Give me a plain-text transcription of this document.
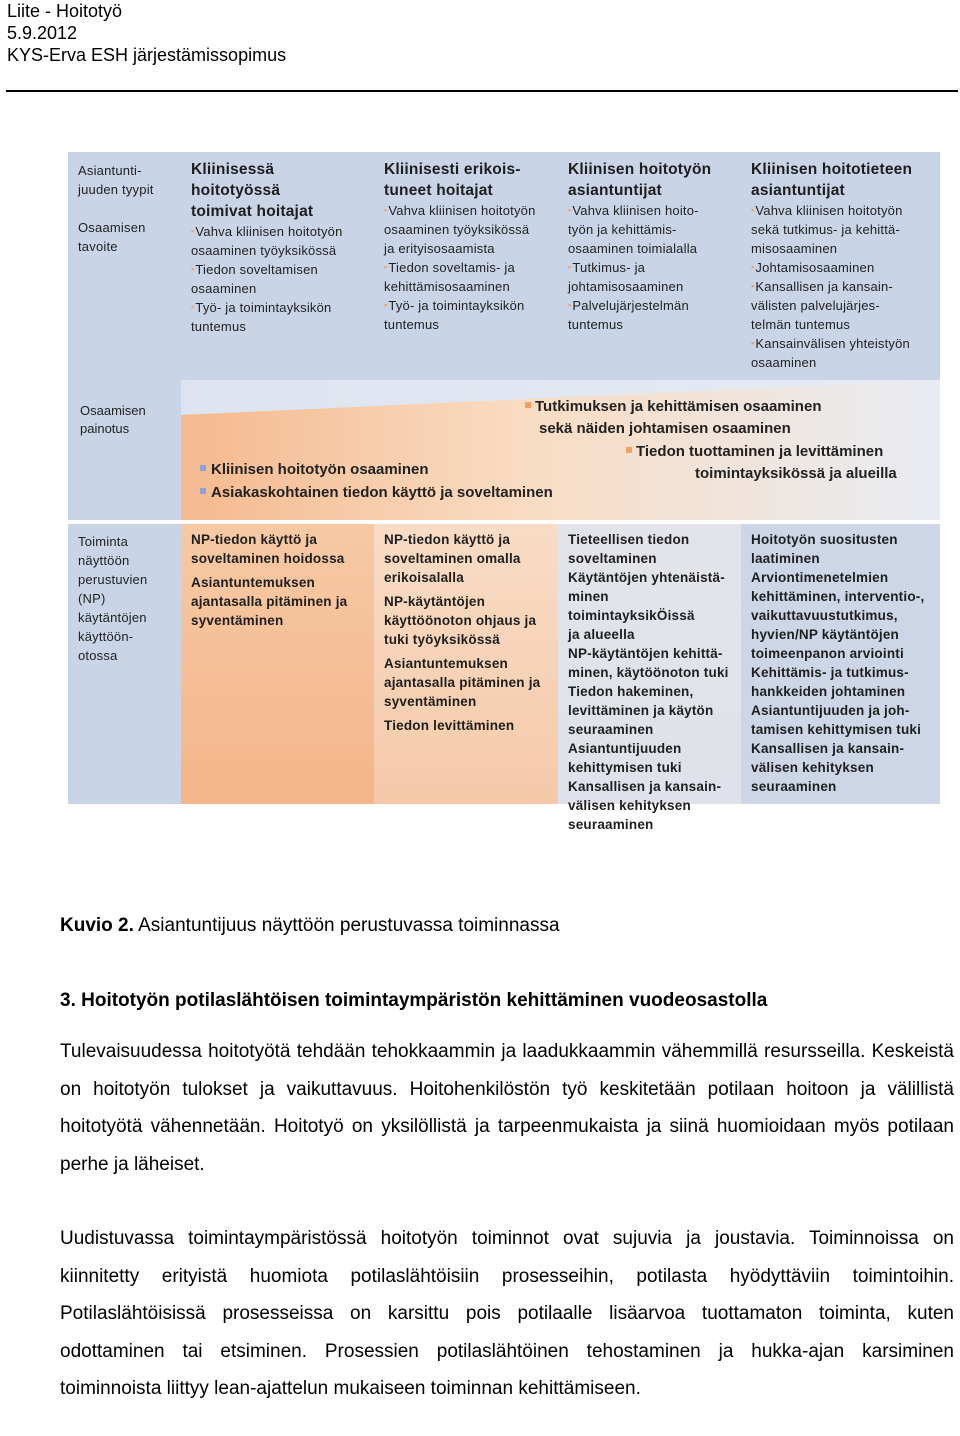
Liite - Hoitotyö
5.9.2012
KYS-Erva ESH järjestämissopimus
Asiantunti-
juuden tyypit
Osaamisen
tavoite
Kliinisessä hoitotyössä
toimivat hoitajat
▪ Vahva kliinisen hoitotyön
osaaminen työyksikössä
▪ Tiedon soveltamisen
osaaminen
▪ Työ- ja toimintayksikön
tuntemus
Kliinisesti erikois-
tuneet hoitajat
▪ Vahva kliinisen hoitotyön
osaaminen työyksikössä
ja erityisosaamista
▪ Tiedon soveltamis- ja
kehittämisosaaminen
▪ Työ- ja toimintayksikön
tuntemus
Kliinisen hoitotyön
asiantuntijat
▪ Vahva kliinisen hoito-
työn ja kehittämis-
osaaminen toimialalla
▪ Tutkimus- ja
johtamisosaaminen
▪ Palvelujärjestelmän
tuntemus
Kliinisen hoitotieteen
asiantuntijat
▪ Vahva kliinisen hoitotyön
sekä tutkimus- ja kehittä-
misosaaminen
▪ Johtamisosaaminen
▪ Kansallisen ja kansain-
välisten palvelujärjes-
telmän tuntemus
▪ Kansainvälisen yhteistyön
osaaminen
Osaamisen
painotus
Tutkimuksen ja kehittämisen osaaminen
sekä näiden johtamisen osaaminen
Tiedon tuottaminen ja levittäminen
toimintayksikössä ja alueilla
Kliinisen hoitotyön osaaminen
Asiakaskohtainen tiedon käyttö ja soveltaminen
Toiminta
näyttöön
perustuvien
(NP)
käytäntöjen
käyttöön-
otossa
NP-tiedon käyttö ja
soveltaminen hoidossa
Asiantuntemuksen
ajantasalla pitäminen ja
syventäminen
NP-tiedon käyttö ja
soveltaminen omalla
erikoisalalla
NP-käytäntöjen
käyttöönoton ohjaus ja
tuki työyksikössä
Asiantuntemuksen
ajantasalla pitäminen ja
syventäminen
Tiedon levittäminen
Tieteellisen tiedon
soveltaminen
Käytäntöjen yhtenäistä-
minen toimintayksikÖissä
ja alueella
NP-käytäntöjen kehittä-
minen, käytöönoton tuki
Tiedon hakeminen,
levittäminen ja käytön
seuraaminen
Asiantuntijuuden
kehittymisen tuki
Kansallisen ja kansain-
välisen kehityksen
seuraaminen
Hoitotyön suositusten
laatiminen
Arviontimenetelmien
kehittäminen, interventio-,
vaikuttavuustutkimus,
hyvien/NP käytäntöjen
toimeenpanon arviointi
Kehittämis- ja tutkimus-
hankkeiden johtaminen
Asiantuntijuuden ja joh-
tamisen kehittymisen tuki
Kansallisen ja kansain-
välisen kehityksen
seuraaminen
Kuvio 2. Asiantuntijuus näyttöön perustuvassa toiminnassa
3. Hoitotyön potilaslähtöisen toimintaympäristön kehittäminen vuodeosastolla
Tulevaisuudessa hoitotyötä tehdään tehokkaammin ja laadukkaammin vähemmillä resursseilla. Keskeistä on hoitotyön tulokset ja vaikuttavuus. Hoitohenkilöstön työ keskitetään potilaan hoitoon ja välillistä hoitotyötä vähennetään. Hoitotyö on yksilöllistä ja tarpeenmukaista ja siinä huomioidaan myös potilaan perhe ja läheiset.
Uudistuvassa toimintaympäristössä hoitotyön toiminnot ovat sujuvia ja joustavia. Toiminnoissa on kiinnitetty erityistä huomiota potilaslähtöisiin prosesseihin, potilasta hyödyttäviin toimintoihin. Potilaslähtöisissä prosesseissa on karsittu pois potilaalle lisäarvoa tuottamaton toiminta, kuten odottaminen tai etsiminen. Prosessien potilaslähtöinen tehostaminen ja hukka-ajan karsiminen toiminnoista liittyy lean-ajattelun mukaiseen toiminnan kehittämiseen.
